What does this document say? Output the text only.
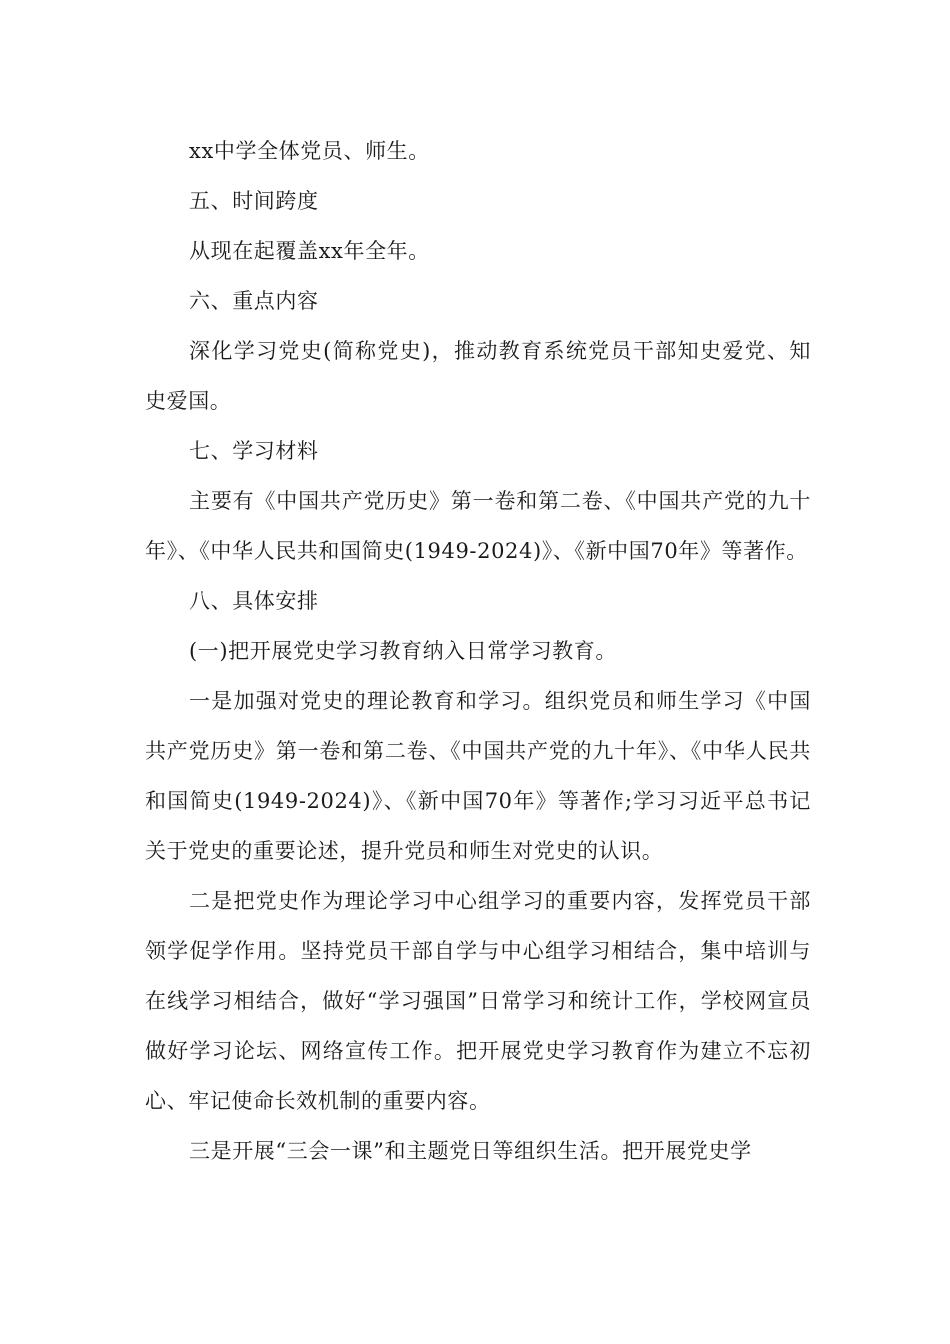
xx中学全体党员、师生。

五、时间跨度

从现在起覆盖xx年全年。

六、重点内容

深化学习党史(简称党史)，推动教育系统党员干部知史爱党、知史爱国。

七、学习材料

主要有《中国共产党历史》第一卷和第二卷、《中国共产党的九十年》、《中华人民共和国简史(1949-2024)》、《新中国70年》等著作。

八、具体安排

(一)把开展党史学习教育纳入日常学习教育。

一是加强对党史的理论教育和学习。组织党员和师生学习《中国共产党历史》第一卷和第二卷、《中国共产党的九十年》、《中华人民共和国简史(1949-2024)》、《新中国70年》等著作;学习习近平总书记关于党史的重要论述，提升党员和师生对党史的认识。

二是把党史作为理论学习中心组学习的重要内容，发挥党员干部领学促学作用。坚持党员干部自学与中心组学习相结合，集中培训与在线学习相结合，做好“学习强国”日常学习和统计工作，学校网宣员做好学习论坛、网络宣传工作。把开展党史学习教育作为建立不忘初心、牢记使命长效机制的重要内容。

三是开展“三会一课”和主题党日等组织生活。把开展党史学
